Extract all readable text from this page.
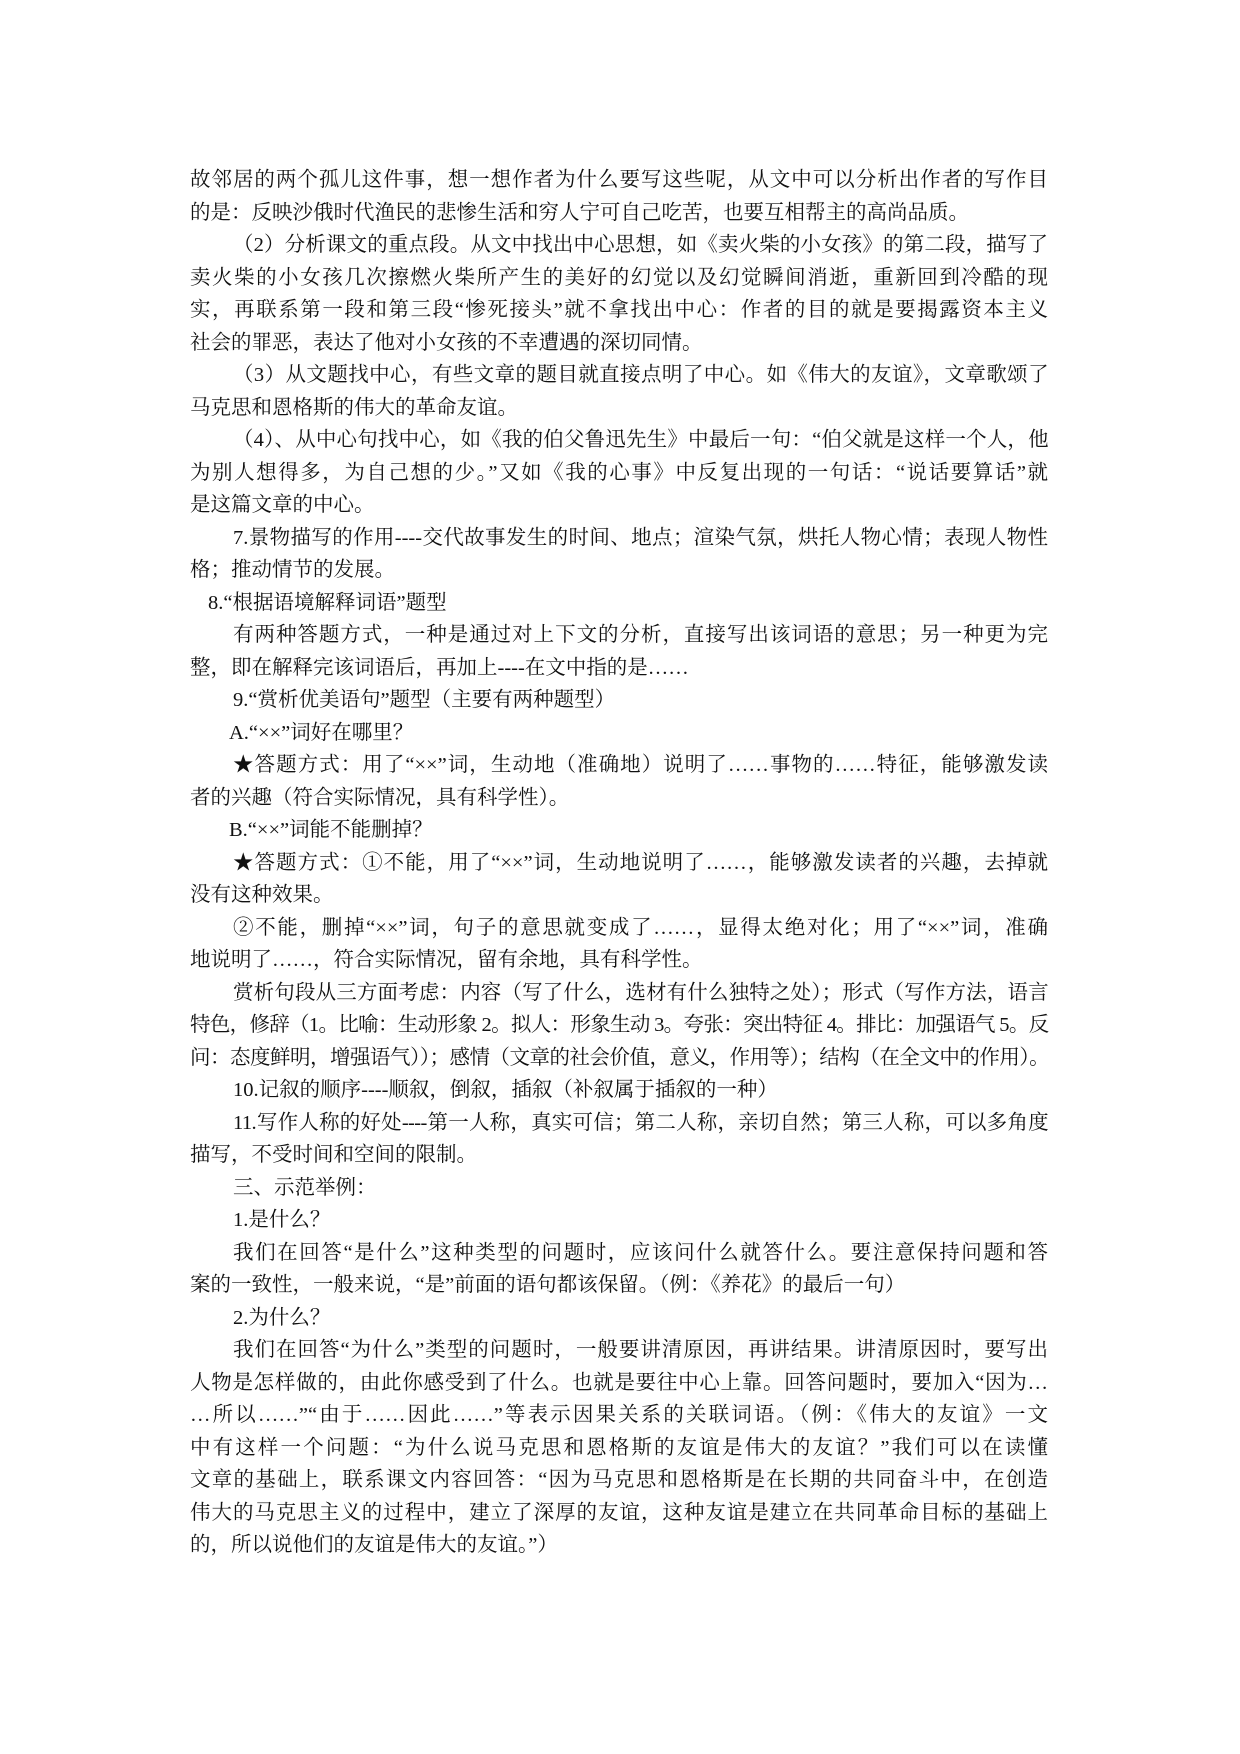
故邻居的两个孤儿这件事，想一想作者为什么要写这些呢，从文中可以分析出作者的写作目
的是：反映沙俄时代渔民的悲惨生活和穷人宁可自己吃苦，也要互相帮主的高尚品质。
（2）分析课文的重点段。从文中找出中心思想，如《卖火柴的小女孩》的第二段，描写了
卖火柴的小女孩几次擦燃火柴所产生的美好的幻觉以及幻觉瞬间消逝，重新回到冷酷的现
实，再联系第一段和第三段“惨死接头”就不拿找出中心：作者的目的就是要揭露资本主义
社会的罪恶，表达了他对小女孩的不幸遭遇的深切同情。
（3）从文题找中心，有些文章的题目就直接点明了中心。如《伟大的友谊》，文章歌颂了
马克思和恩格斯的伟大的革命友谊。
（4）、从中心句找中心，如《我的伯父鲁迅先生》中最后一句：“伯父就是这样一个人，他
为别人想得多，为自己想的少。”又如《我的心事》中反复出现的一句话：“说话要算话”就
是这篇文章的中心。
7.景物描写的作用----交代故事发生的时间、地点；渲染气氛，烘托人物心情；表现人物性
格；推动情节的发展。
8.“根据语境解释词语”题型
有两种答题方式，一种是通过对上下文的分析，直接写出该词语的意思；另一种更为完
整，即在解释完该词语后，再加上----在文中指的是……
9.“赏析优美语句”题型（主要有两种题型）
A.“××”词好在哪里？
★答题方式：用了“××”词，生动地（准确地）说明了……事物的……特征，能够激发读
者的兴趣（符合实际情况，具有科学性）。
B.“××”词能不能删掉？
★答题方式：①不能，用了“××”词，生动地说明了……，能够激发读者的兴趣，去掉就
没有这种效果。
②不能，删掉“××”词，句子的意思就变成了……，显得太绝对化；用了“××”词，准确
地说明了……，符合实际情况，留有余地，具有科学性。
赏析句段从三方面考虑：内容（写了什么，选材有什么独特之处）；形式（写作方法，语言
特色，修辞（1。比喻：生动形象 2。拟人：形象生动 3。夸张：突出特征 4。排比：加强语气 5。反
问：态度鲜明，增强语气））；感情（文章的社会价值，意义，作用等）；结构（在全文中的作用）。
10.记叙的顺序----顺叙，倒叙，插叙（补叙属于插叙的一种）
11.写作人称的好处----第一人称，真实可信；第二人称，亲切自然；第三人称，可以多角度
描写，不受时间和空间的限制。
三、示范举例：
1.是什么？
我们在回答“是什么”这种类型的问题时，应该问什么就答什么。要注意保持问题和答
案的一致性，一般来说，“是”前面的语句都该保留。（例：《养花》的最后一句）
2.为什么？
我们在回答“为什么”类型的问题时，一般要讲清原因，再讲结果。讲清原因时，要写出
人物是怎样做的，由此你感受到了什么。也就是要往中心上靠。回答问题时，要加入“因为…
…所以……”“由于……因此……”等表示因果关系的关联词语。（例：《伟大的友谊》一文
中有这样一个问题：“为什么说马克思和恩格斯的友谊是伟大的友谊？”我们可以在读懂
文章的基础上，联系课文内容回答：“因为马克思和恩格斯是在长期的共同奋斗中，在创造
伟大的马克思主义的过程中，建立了深厚的友谊，这种友谊是建立在共同革命目标的基础上
的，所以说他们的友谊是伟大的友谊。”）
